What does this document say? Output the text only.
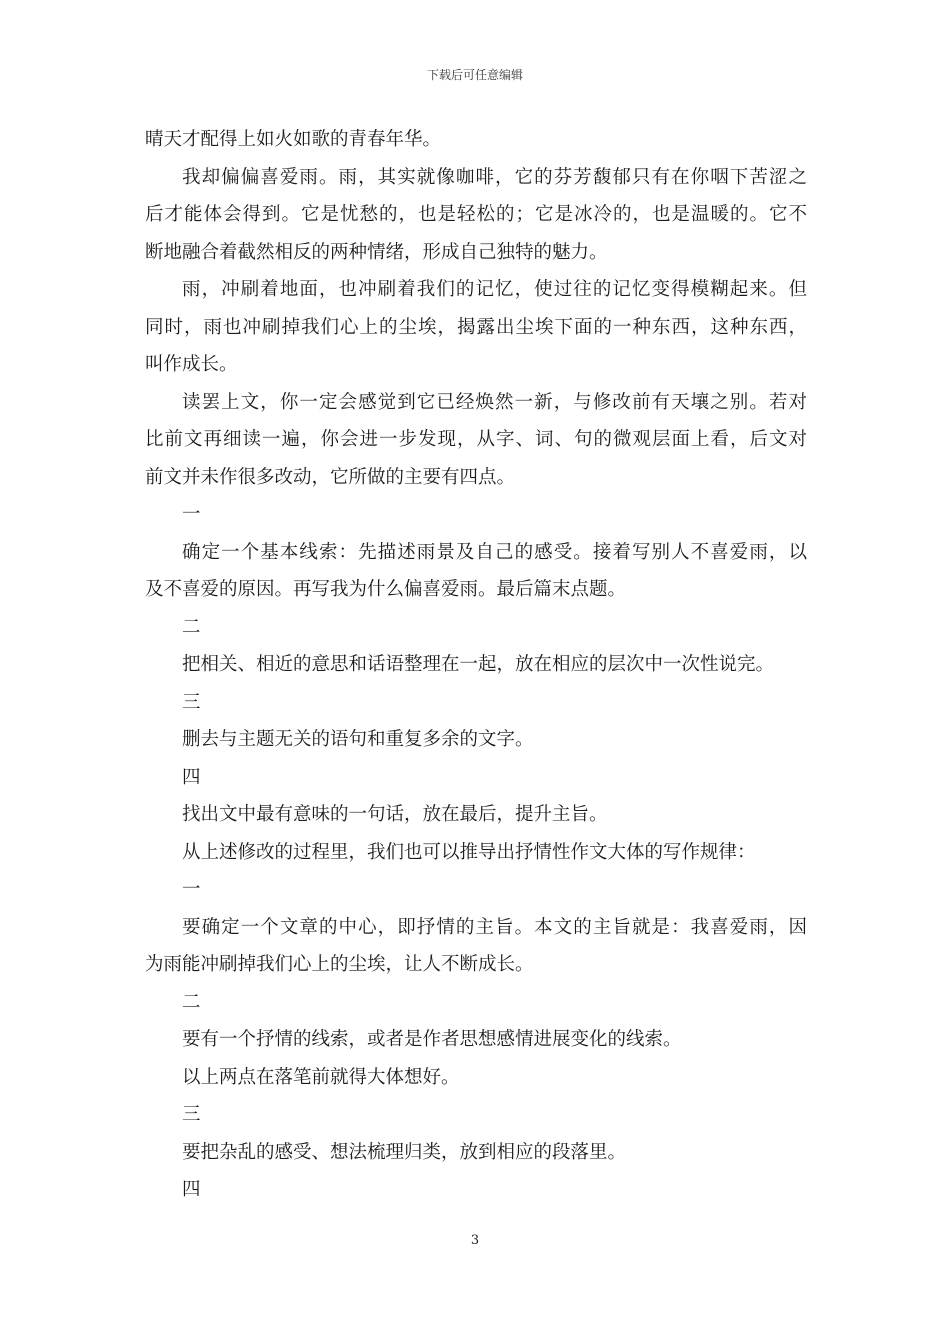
下载后可任意编辑
晴天才配得上如火如歌的青春年华。
我却偏偏喜爱雨。雨，其实就像咖啡，它的芬芳馥郁只有在你咽下苦涩之
后才能体会得到。它是忧愁的，也是轻松的；它是冰冷的，也是温暖的。它不
断地融合着截然相反的两种情绪，形成自己独特的魅力。
雨，冲刷着地面，也冲刷着我们的记忆，使过往的记忆变得模糊起来。但
同时，雨也冲刷掉我们心上的尘埃，揭露出尘埃下面的一种东西，这种东西，
叫作成长。
读罢上文，你一定会感觉到它已经焕然一新，与修改前有天壤之别。若对
比前文再细读一遍，你会进一步发现，从字、词、句的微观层面上看，后文对
前文并未作很多改动，它所做的主要有四点。
一
确定一个基本线索：先描述雨景及自己的感受。接着写别人不喜爱雨，以
及不喜爱的原因。再写我为什么偏喜爱雨。最后篇末点题。
二
把相关、相近的意思和话语整理在一起，放在相应的层次中一次性说完。
三
删去与主题无关的语句和重复多余的文字。
四
找出文中最有意味的一句话，放在最后，提升主旨。
从上述修改的过程里，我们也可以推导出抒情性作文大体的写作规律：
一
要确定一个文章的中心，即抒情的主旨。本文的主旨就是：我喜爱雨，因
为雨能冲刷掉我们心上的尘埃，让人不断成长。
二
要有一个抒情的线索，或者是作者思想感情进展变化的线索。
以上两点在落笔前就得大体想好。
三
要把杂乱的感受、想法梳理归类，放到相应的段落里。
四
3
